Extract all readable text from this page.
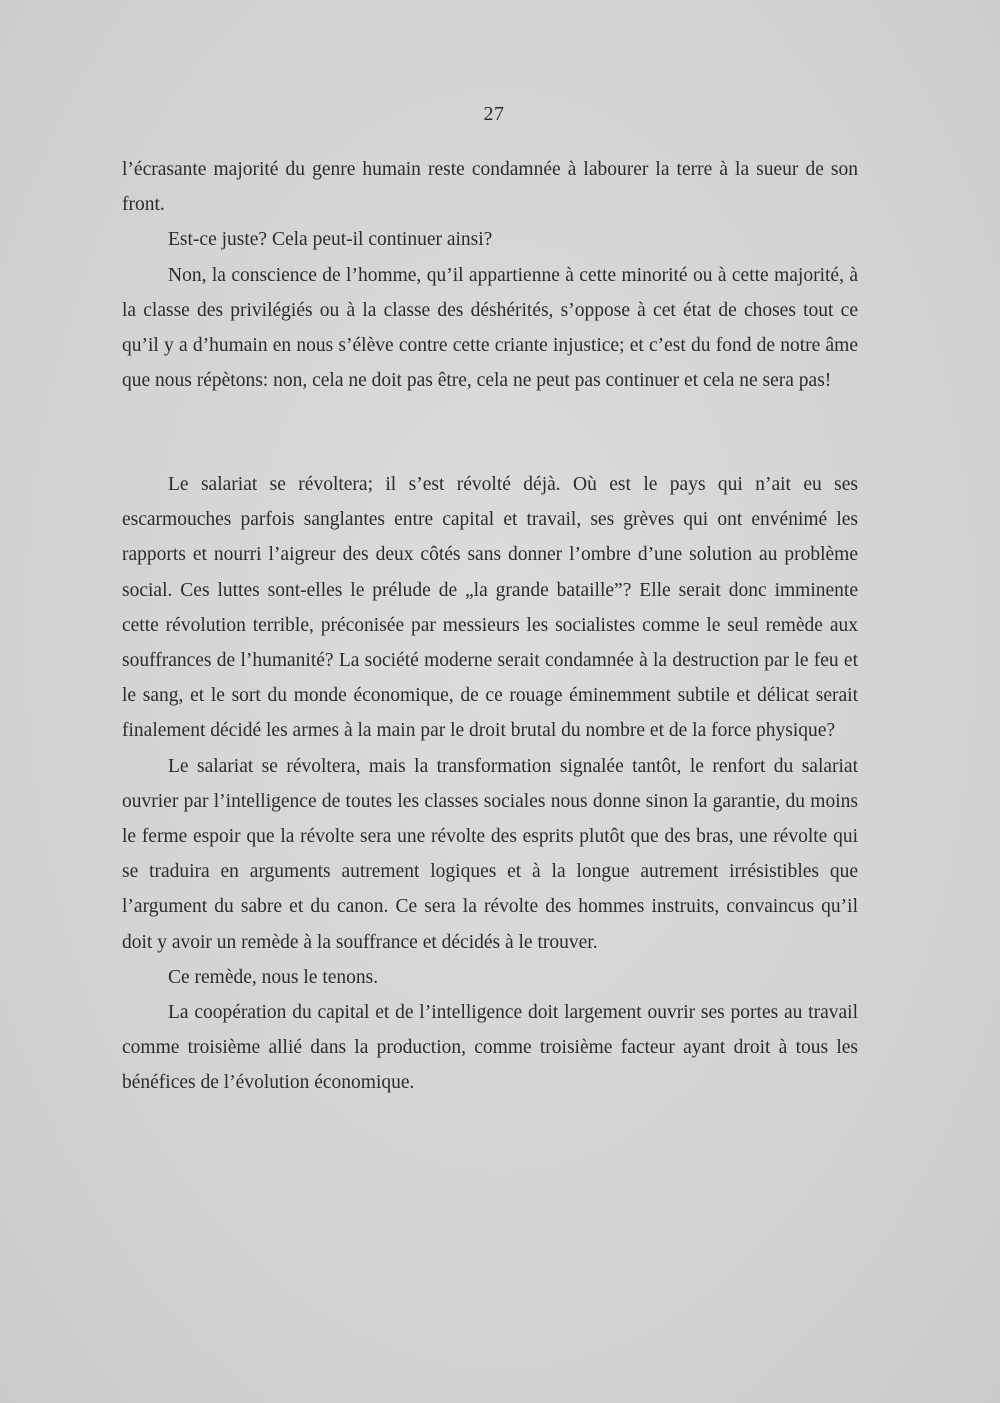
27

l’écrasante majorité du genre humain reste condamnée à labourer la terre à la sueur de son front.

Est-ce juste? Cela peut-il continuer ainsi?

Non, la conscience de l’homme, qu’il appartienne à cette minorité ou à cette majorité, à la classe des privilégiés ou à la classe des déshérités, s’oppose à cet état de choses tout ce qu’il y a d’humain en nous s’élève contre cette criante injustice; et c’est du fond de notre âme que nous répètons: non, cela ne doit pas être, cela ne peut pas continuer et cela ne sera pas!

Le salariat se révoltera; il s’est révolté déjà. Où est le pays qui n’ait eu ses escarmouches parfois sanglantes entre capital et travail, ses grèves qui ont envénimé les rapports et nourri l’aigreur des deux côtés sans donner l’ombre d’une solution au problème social. Ces luttes sont-elles le prélude de „la grande bataille”? Elle serait donc imminente cette révolution terrible, préconisée par messieurs les socialistes comme le seul remède aux souffrances de l’humanité? La société moderne serait condamnée à la destruction par le feu et le sang, et le sort du monde économique, de ce rouage éminemment subtile et délicat serait finalement décidé les armes à la main par le droit brutal du nombre et de la force physique?

Le salariat se révoltera, mais la transformation signalée tantôt, le renfort du salariat ouvrier par l’intelligence de toutes les classes sociales nous donne sinon la garantie, du moins le ferme espoir que la révolte sera une révolte des esprits plutôt que des bras, une révolte qui se traduira en arguments autrement logiques et à la longue autrement irrésistibles que l’argument du sabre et du canon. Ce sera la révolte des hommes instruits, convaincus qu’il doit y avoir un remède à la souffrance et décidés à le trouver.

Ce remède, nous le tenons.

La coopération du capital et de l’intelligence doit largement ouvrir ses portes au travail comme troisième allié dans la production, comme troisième facteur ayant droit à tous les bénéfices de l’évolution économique.
